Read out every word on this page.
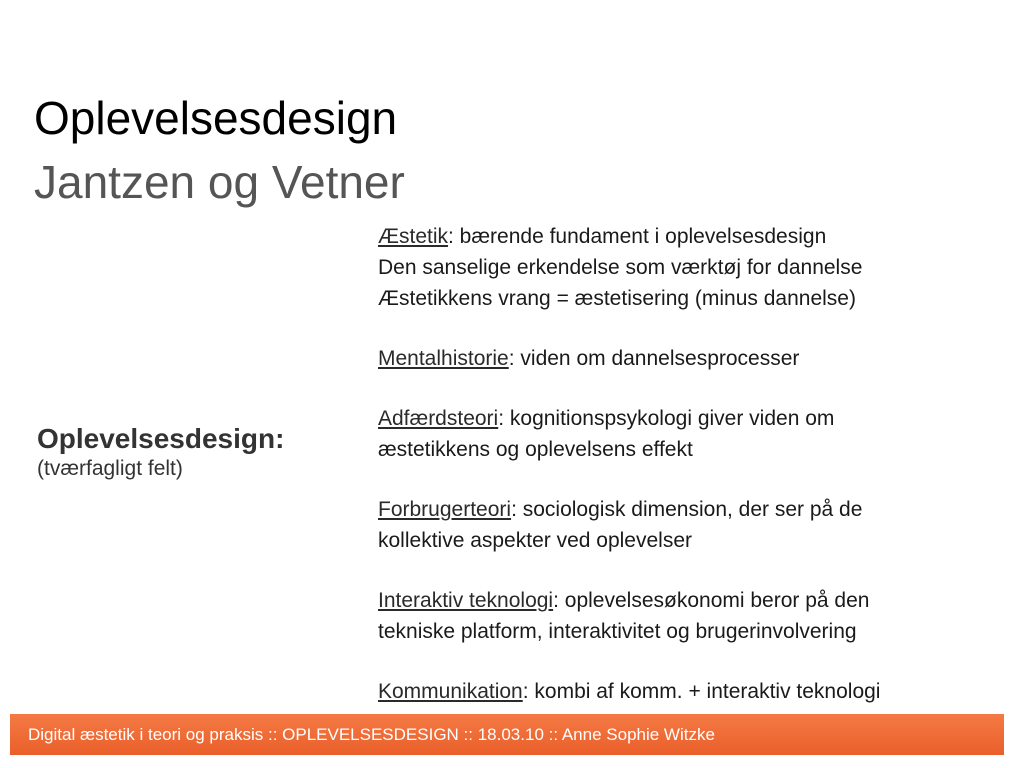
Oplevelsesdesign
Jantzen og Vetner
Oplevelsesdesign:
(tværfagligt felt)
Æstetik: bærende fundament i oplevelsesdesign
Den sanselige erkendelse som værktøj for dannelse
Æstetikkens vrang = æstetisering (minus dannelse)
Mentalhistorie: viden om dannelsesprocesser
Adfærdsteori: kognitionspsykologi giver viden om
æstetikkens og oplevelsens effekt
Forbrugerteori: sociologisk dimension, der ser på de
kollektive aspekter ved oplevelser
Interaktiv teknologi: oplevelsesøkonomi beror på den
tekniske platform, interaktivitet og brugerinvolvering
Kommunikation: kombi af komm. + interaktiv teknologi
Digital æstetik i teori og praksis :: OPLEVELSESDESIGN :: 18.03.10 :: Anne Sophie Witzke
